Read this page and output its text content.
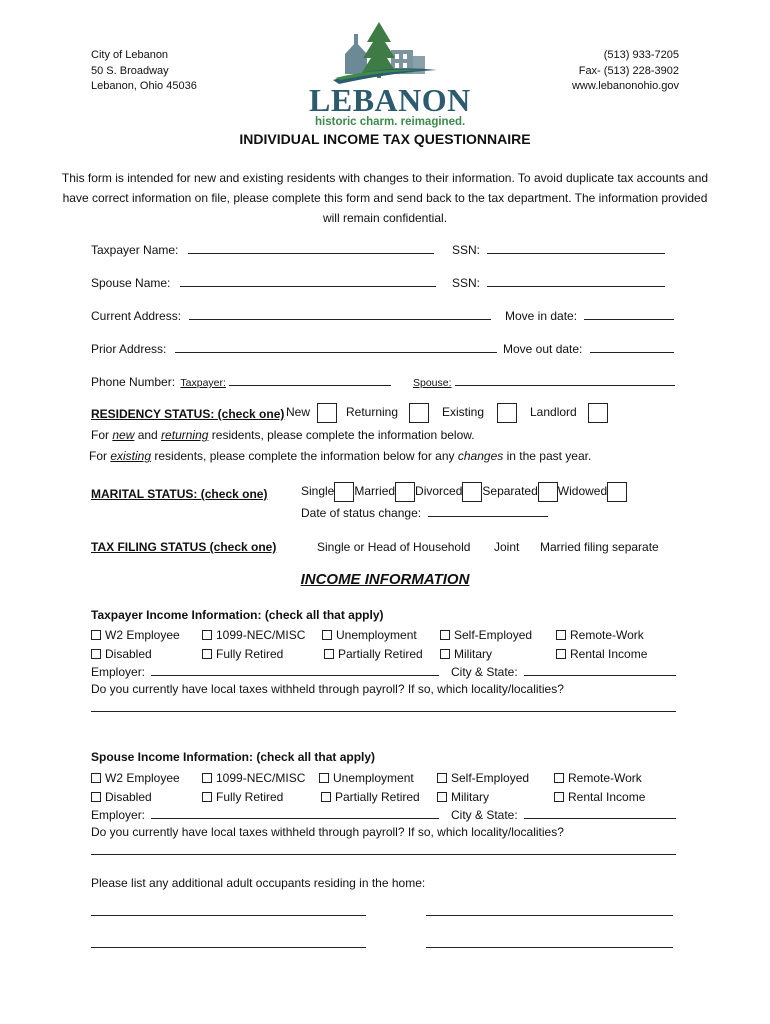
City of Lebanon
50 S. Broadway
Lebanon, Ohio 45036
(513) 933-7205
Fax- (513) 228-3902
www.lebanonohio.gov
LEBANON
historic charm. reimagined.
INDIVIDUAL INCOME TAX QUESTIONNAIRE
This form is intended for new and existing residents with changes to their information. To avoid duplicate tax accounts and have correct information on file, please complete this form and send back to the tax department. The information provided will remain confidential.
Taxpayer Name:	SSN:
Spouse Name:	SSN:
Current Address:	Move in date:
Prior Address:	Move out date:
Phone Number: Taxpayer:	Spouse:
RESIDENCY STATUS: (check one) New	Returning	Existing	Landlord
For new and returning residents, please complete the information below.
For existing residents, please complete the information below for any changes in the past year.
MARITAL STATUS: (check one)	Single Married Divorced Separated Widowed
Date of status change:
TAX FILING STATUS (check one)	Single or Head of Household Joint Married filing separate
INCOME INFORMATION
Taxpayer Income Information: (check all that apply)
W2 Employee	1099-NEC/MISC	Unemployment	Self-Employed	Remote-Work
Disabled	Fully Retired	Partially Retired	Military	Rental Income
Employer:	City & State:
Do you currently have local taxes withheld through payroll? If so, which locality/localities?
Spouse Income Information: (check all that apply)
W2 Employee	1099-NEC/MISC	Unemployment	Self-Employed	Remote-Work
Disabled	Fully Retired	Partially Retired	Military	Rental Income
Employer:	City & State:
Do you currently have local taxes withheld through payroll? If so, which locality/localities?
Please list any additional adult occupants residing in the home:
